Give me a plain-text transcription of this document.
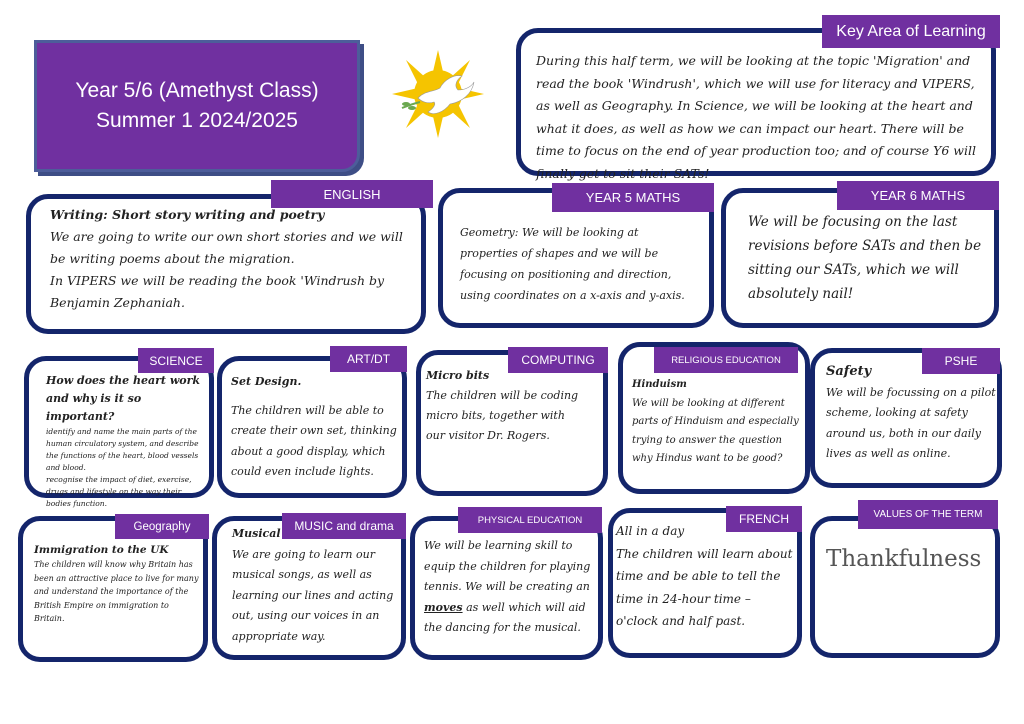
Year 5/6 (Amethyst Class)
Summer 1 2024/2025
Key Area of Learning
During this half term, we will be looking at the topic 'Migration' and read the book 'Windrush', which we will use for literacy and VIPERS, as well as Geography. In Science, we will be looking at the heart and what it does, as well as how we can impact our heart. There will be time to focus on the end of year production too; and of course Y6 will finally get to sit their SATs!
ENGLISH

Writing: Short story writing and poetry

We are going to write our own short stories and we will be writing poems about the migration.

In VIPERS we will be reading the book 'Windrush by Benjamin Zephaniah.

YEAR 5 MATHS
Geometry: We will be looking at properties of shapes and we will be focusing on positioning and direction, using coordinates on a x-axis and y-axis.
YEAR 6 MATHS
We will be focusing on the last revisions before SATs and then be sitting our SATs, which we will absolutely nail!
SCIENCE

How does the heart work and why is it so important?

identify and name the main parts of the human circulatory system, and describe the functions of the heart, blood vessels and blood.

recognise the impact of diet, exercise, drugs and lifestyle on the way their bodies function.

ART/DT

Set Design.

The children will be able to create their own set, thinking about a good display, which could even include lights.

COMPUTING

Micro bits

The children will be coding micro bits, together with our visitor Dr. Rogers.

RELIGIOUS EDUCATION

Hinduism

We will be looking at different parts of Hinduism and especially trying to answer the question why Hindus want to be good?

PSHE

Safety

We will be focussing on a pilot scheme, looking at safety around us, both in our daily lives as well as online.

Geography

Immigration to the UK

The children will know why Britain has been an attractive place to live for many and understand the importance of the British Empire on immigration to Britain.

MUSIC and drama

Musical

We are going to learn our musical songs, as well as learning our lines and acting out, using our voices in an appropriate way.

PHYSICAL EDUCATION
We will be learning skill to equip the children for playing tennis. We will be creating an moves as well which will aid the dancing for the musical.
FRENCH

All in a day

The children will learn about time and be able to tell the time in 24-hour time – o'clock and half past.

VALUES OF THE TERM
Thankfulness
